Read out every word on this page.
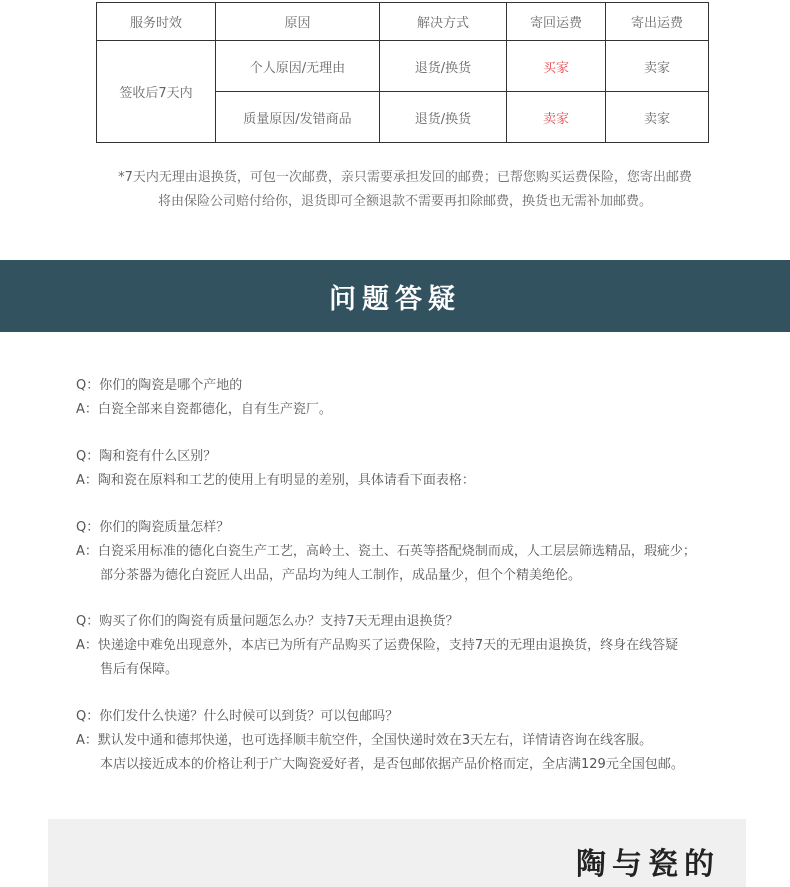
服务时效	原因	解决方式	寄回运费	寄出运费
签收后7天内	个人原因/无理由	退货/换货	买家	卖家
	质量原因/发错商品	退货/换货	卖家	卖家
*7天内无理由退换货，可包一次邮费，亲只需要承担发回的邮费；已帮您购买运费保险，您寄出邮费
将由保险公司赔付给你，退货即可全额退款不需要再扣除邮费，换货也无需补加邮费。
问题答疑
Q：你们的陶瓷是哪个产地的
A：白瓷全部来自瓷都德化，自有生产瓷厂。
Q：陶和瓷有什么区别？
A：陶和瓷在原料和工艺的使用上有明显的差别，具体请看下面表格：
Q：你们的陶瓷质量怎样？
A：白瓷采用标准的德化白瓷生产工艺，高岭土、瓷土、石英等搭配烧制而成，人工层层筛选精品，瑕疵少；
部分茶器为德化白瓷匠人出品，产品均为纯人工制作，成品量少，但个个精美绝伦。
Q：购买了你们的陶瓷有质量问题怎么办？支持7天无理由退换货？
A：快递途中难免出现意外，本店已为所有产品购买了运费保险，支持7天的无理由退换货，终身在线答疑
售后有保障。
Q：你们发什么快递？什么时候可以到货？可以包邮吗？
A：默认发中通和德邦快递，也可选择顺丰航空件，全国快递时效在3天左右，详情请咨询在线客服。
本店以接近成本的价格让利于广大陶瓷爱好者，是否包邮依据产品价格而定，全店满129元全国包邮。
陶与瓷的
